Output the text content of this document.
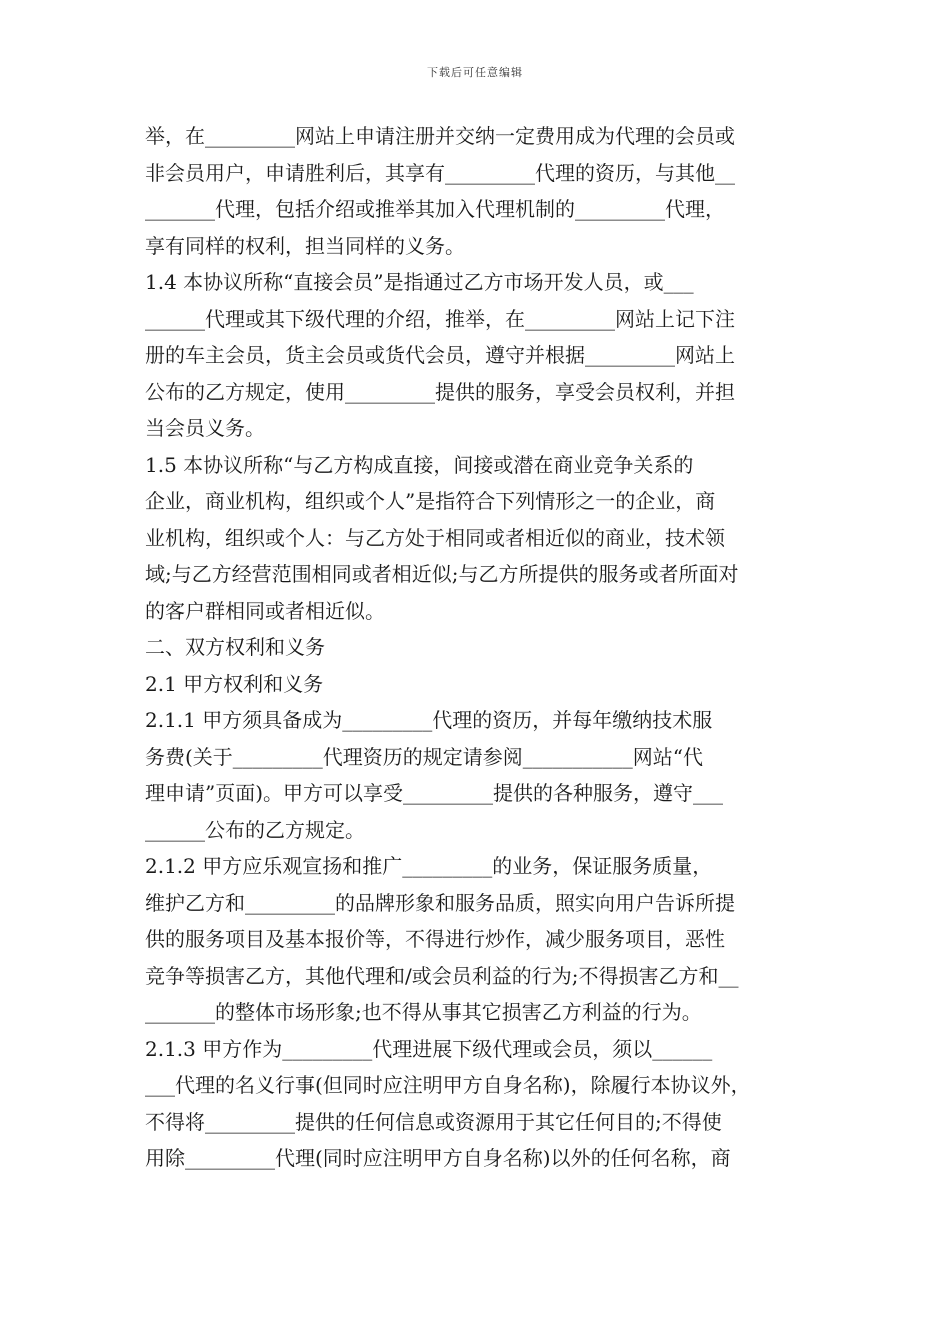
下载后可任意编辑
举，在_________网站上申请注册并交纳一定费用成为代理的会员或
非会员用户，申请胜利后，其享有_________代理的资历，与其他__
_______代理，包括介绍或推举其加入代理机制的_________代理，
享有同样的权利，担当同样的义务。
1.4 本协议所称“直接会员”是指通过乙方市场开发人员，或___
______代理或其下级代理的介绍，推举，在_________网站上记下注
册的车主会员，货主会员或货代会员，遵守并根据_________网站上
公布的乙方规定，使用_________提供的服务，享受会员权利，并担
当会员义务。
1.5 本协议所称“与乙方构成直接，间接或潜在商业竞争关系的
企业，商业机构，组织或个人”是指符合下列情形之一的企业，商
业机构，组织或个人：与乙方处于相同或者相近似的商业，技术领
域;与乙方经营范围相同或者相近似;与乙方所提供的服务或者所面对
的客户群相同或者相近似。
二、双方权利和义务
2.1 甲方权利和义务
2.1.1 甲方须具备成为_________代理的资历，并每年缴纳技术服
务费(关于_________代理资历的规定请参阅___________网站“代
理申请”页面)。甲方可以享受_________提供的各种服务，遵守___
______公布的乙方规定。
2.1.2 甲方应乐观宣扬和推广_________的业务，保证服务质量，
维护乙方和_________的品牌形象和服务品质，照实向用户告诉所提
供的服务项目及基本报价等，不得进行炒作，减少服务项目，恶性
竞争等损害乙方，其他代理和/或会员利益的行为;不得损害乙方和__
_______的整体市场形象;也不得从事其它损害乙方利益的行为。
2.1.3 甲方作为_________代理进展下级代理或会员，须以______
___代理的名义行事(但同时应注明甲方自身名称)，除履行本协议外，
不得将_________提供的任何信息或资源用于其它任何目的;不得使
用除_________代理(同时应注明甲方自身名称)以外的任何名称，商
